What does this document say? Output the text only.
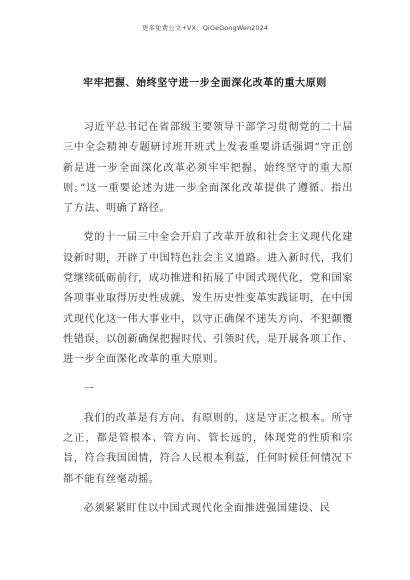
更多免费公文+VX：QiGeGongWen2024
牢牢把握、始终坚守进一步全面深化改革的重大原则

习近平总书记在省部级主要领导干部学习贯彻党的二十届三中全会精神专题研讨班开班式上发表重要讲话强调“守正创新是进一步全面深化改革必须牢牢把握、始终坚守的重大原则。”这一重要论述为进一步全面深化改革提供了遵循、指出了方法、明确了路径。

党的十一届三中全会开启了改革开放和社会主义现代化建设新时期，开辟了中国特色社会主义道路。进入新时代，我们党继续砥砺前行，成功推进和拓展了中国式现代化，党和国家各项事业取得历史性成就、发生历史性变革实践证明，在中国式现代化这一伟大事业中，以守正确保不迷失方向、不犯颠覆性错误，以创新确保把握时代、引领时代，是开展各项工作、进一步全面深化改革的重大原则。

一

我们的改革是有方向、有原则的，这是守正之根本。所守之正，都是管根本、管方向、管长远的，体现党的性质和宗旨，符合我国国情，符合人民根本利益，任何时候任何情况下都不能有丝毫动摇。

必须紧紧盯住以中国式现代化全面推进强国建设、民
